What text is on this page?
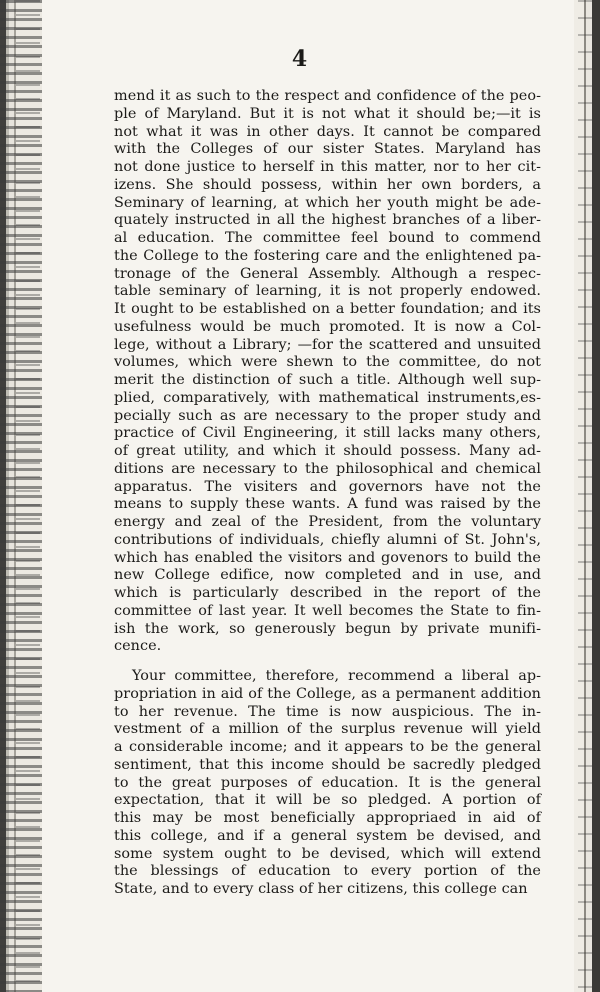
4
mend it as such to the respect and confidence of the peo-
ple of Maryland. But it is not what it should be;—it is
not what it was in other days. It cannot be compared
with the Colleges of our sister States. Maryland has
not done justice to herself in this matter, nor to her cit-
izens. She should possess, within her own borders, a
Seminary of learning, at which her youth might be ade-
quately instructed in all the highest branches of a liber-
al education. The committee feel bound to commend
the College to the fostering care and the enlightened pa-
tronage of the General Assembly. Although a respec-
table seminary of learning, it is not properly endowed.
It ought to be established on a better foundation; and its
usefulness would be much promoted. It is now a Col-
lege, without a Library; —for the scattered and unsuited
volumes, which were shewn to the committee, do not
merit the distinction of such a title. Although well sup-
plied, comparatively, with mathematical instruments,es-
pecially such as are necessary to the proper study and
practice of Civil Engineering, it still lacks many others,
of great utility, and which it should possess. Many ad-
ditions are necessary to the philosophical and chemical
apparatus. The visiters and governors have not the
means to supply these wants. A fund was raised by the
energy and zeal of the President, from the voluntary
contributions of individuals, chiefly alumni of St. John's,
which has enabled the visitors and govenors to build the
new College edifice, now completed and in use, and
which is particularly described in the report of the
committee of last year. It well becomes the State to fin-
ish the work, so generously begun by private munifi-
cence.
Your committee, therefore, recommend a liberal ap-
propriation in aid of the College, as a permanent addition
to her revenue. The time is now auspicious. The in-
vestment of a million of the surplus revenue will yield
a considerable income; and it appears to be the general
sentiment, that this income should be sacredly pledged
to the great purposes of education. It is the general
expectation, that it will be so pledged. A portion of
this may be most beneficially appropriaed in aid of
this college, and if a general system be devised, and
some system ought to be devised, which will extend
the blessings of education to every portion of the
State, and to every class of her citizens, this college can
